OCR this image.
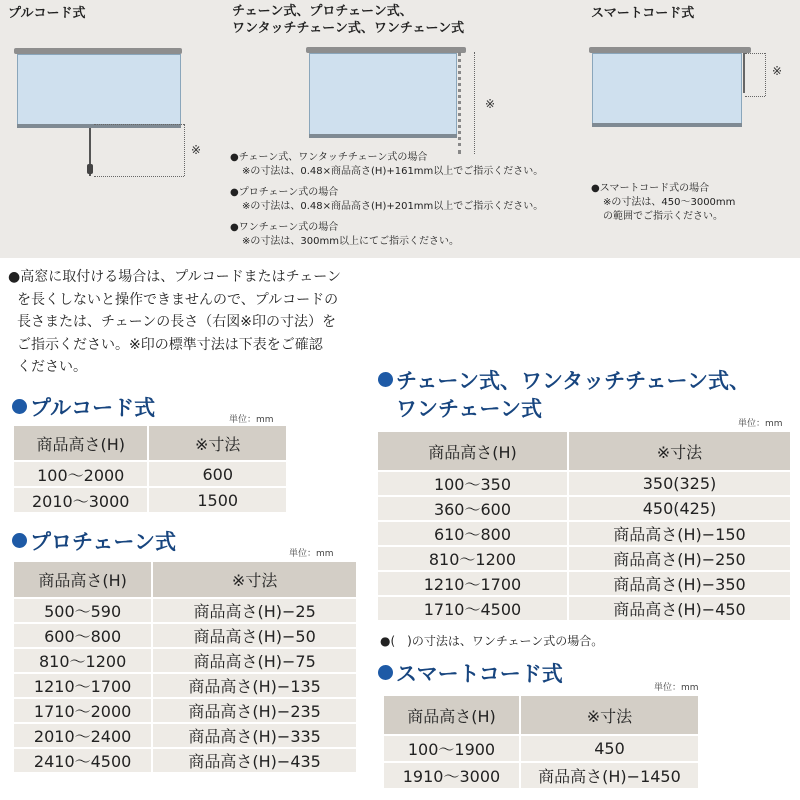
プルコード式
※
チェーン式、プロチェーン式、
ワンタッチチェーン式、ワンチェーン式
※
●チェーン式、ワンタッチチェーン式の場合
※の寸法は、0.48×商品高さ(H)+161mm以上でご指示ください。
●プロチェーン式の場合
※の寸法は、0.48×商品高さ(H)+201mm以上でご指示ください。
●ワンチェーン式の場合
※の寸法は、300mm以上にてご指示ください。
スマートコード式
※
●スマートコード式の場合
※の寸法は、450～3000mm
の範囲でご指示ください。

●高窓に取付ける場合は、プルコードまたはチェーン

を長くしないと操作できませんので、プルコードの

長さまたは、チェーンの長さ（右図※印の寸法）を

ご指示ください。※印の標準寸法は下表をご確認

ください。

プルコード式	単位：mm
商品高さ(H)	※寸法
100～2000	600
2010～3000	1500
プロチェーン式	単位：mm
商品高さ(H)	※寸法
500～590	商品高さ(H)−25
600～800	商品高さ(H)−50
810～1200	商品高さ(H)−75
1210～1700	商品高さ(H)−135
1710～2000	商品高さ(H)−235
2010～2400	商品高さ(H)−335
2410～4500	商品高さ(H)−435
チェーン式、ワンタッチチェーン式、
ワンチェーン式
単位：mm
商品高さ(H)	※寸法
100～350	350(325)
360～600	450(425)
610～800	商品高さ(H)−150
810～1200	商品高さ(H)−250
1210～1700	商品高さ(H)−350
1710～4500	商品高さ(H)−450
●(　)の寸法は、ワンチェーン式の場合。
スマートコード式
単位：mm
商品高さ(H)	※寸法
100～1900	450
1910～3000	商品高さ(H)−1450
